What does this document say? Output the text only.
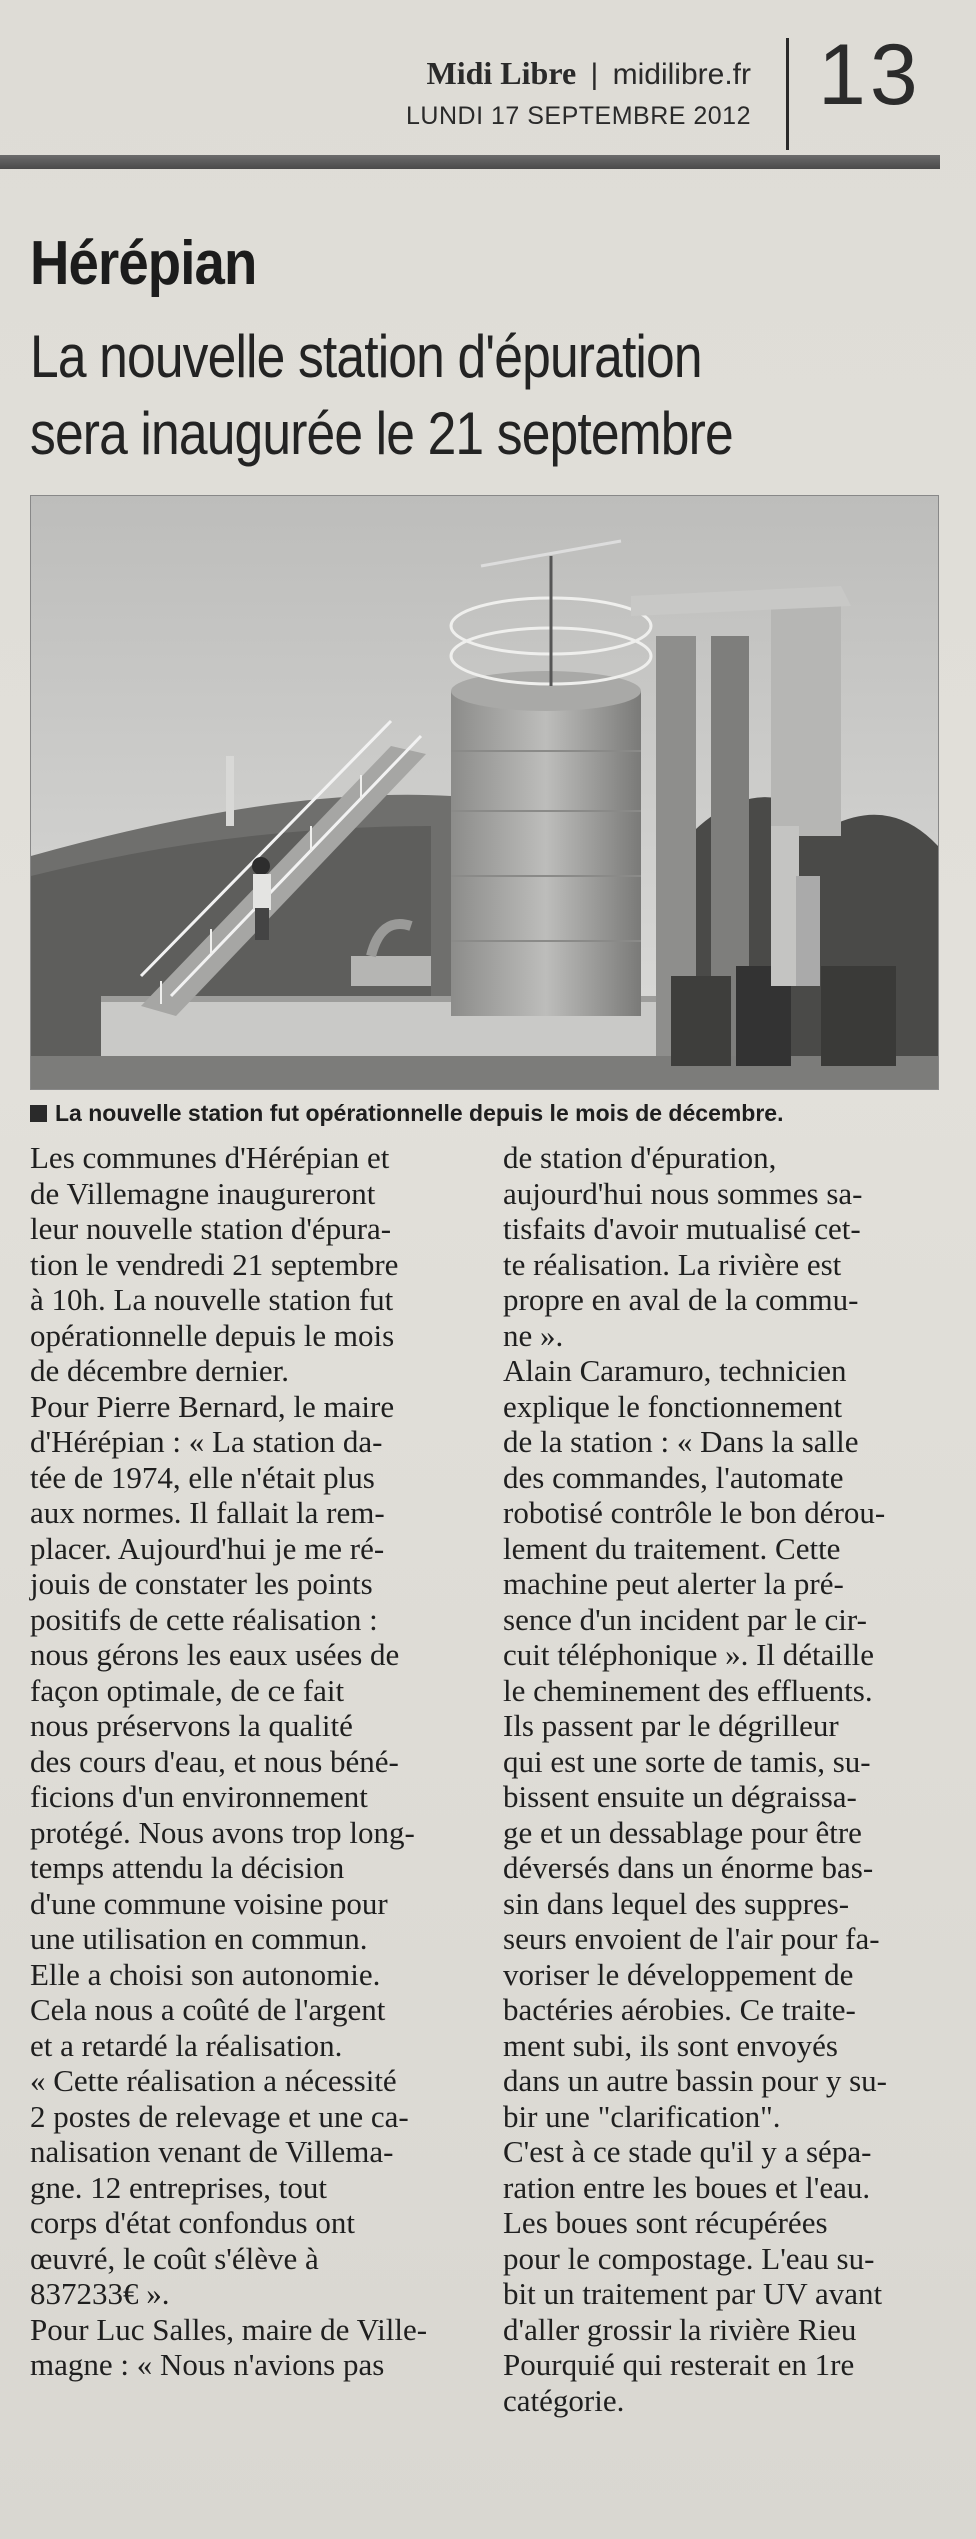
Midi Libre | midilibre.fr
LUNDI 17 SEPTEMBRE 2012 13
Hérépian
La nouvelle station d'épuration
sera inaugurée le 21 septembre
La nouvelle station fut opérationnelle depuis le mois de décembre.

Les communes d'Hérépian et
de Villemagne inaugureront
leur nouvelle station d'épura-
tion le vendredi 21 septembre
à 10h. La nouvelle station fut
opérationnelle depuis le mois
de décembre dernier.

Pour Pierre Bernard, le maire
d'Hérépian : « La station da-
tée de 1974, elle n'était plus
aux normes. Il fallait la rem-
placer. Aujourd'hui je me ré-
jouis de constater les points
positifs de cette réalisation :
nous gérons les eaux usées de
façon optimale, de ce fait
nous préservons la qualité
des cours d'eau, et nous béné-
ficions d'un environnement
protégé. Nous avons trop long-
temps attendu la décision
d'une commune voisine pour
une utilisation en commun.
Elle a choisi son autonomie.
Cela nous a coûté de l'argent
et a retardé la réalisation.

« Cette réalisation a nécessité
2 postes de relevage et une ca-
nalisation venant de Villema-
gne. 12 entreprises, tout
corps d'état confondus ont
œuvré, le coût s'élève à
837233€ ».

Pour Luc Salles, maire de Ville-
magne : « Nous n'avions pas

de station d'épuration,
aujourd'hui nous sommes sa-
tisfaits d'avoir mutualisé cet-
te réalisation. La rivière est
propre en aval de la commu-
ne ».

Alain Caramuro, technicien
explique le fonctionnement
de la station : « Dans la salle
des commandes, l'automate
robotisé contrôle le bon dérou-
lement du traitement. Cette
machine peut alerter la pré-
sence d'un incident par le cir-
cuit téléphonique ». Il détaille
le cheminement des effluents.
Ils passent par le dégrilleur
qui est une sorte de tamis, su-
bissent ensuite un dégraissa-
ge et un dessablage pour être
déversés dans un énorme bas-
sin dans lequel des suppres-
seurs envoient de l'air pour fa-
voriser le développement de
bactéries aérobies. Ce traite-
ment subi, ils sont envoyés
dans un autre bassin pour y su-
bir une "clarification".

C'est à ce stade qu'il y a sépa-
ration entre les boues et l'eau.
Les boues sont récupérées
pour le compostage. L'eau su-
bit un traitement par UV avant
d'aller grossir la rivière Rieu
Pourquié qui resterait en 1re
catégorie.
